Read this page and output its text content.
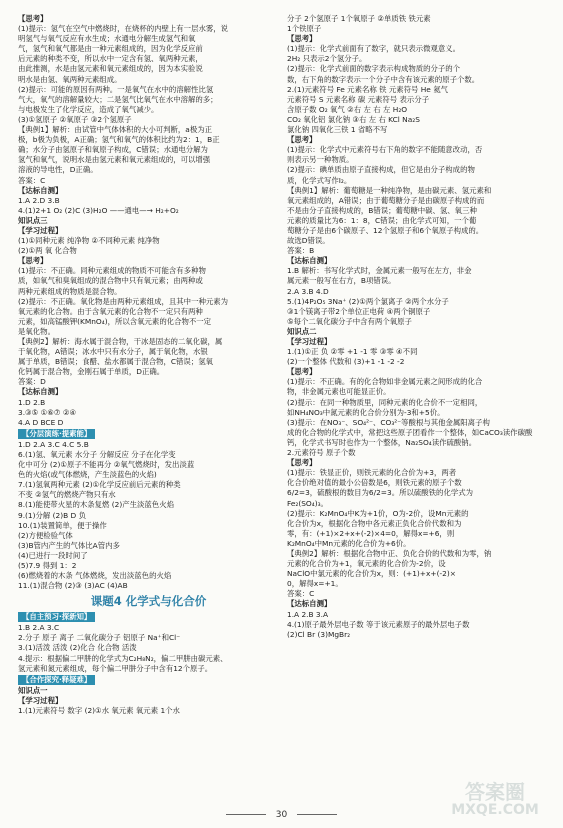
【思考】
(1)提示：氢气在空气中燃烧时，在烧杯的内壁上有一层水雾，说
明氢气与氧气反应有水生成；水通电分解生成氢气和氧
气，氢气和氧气都是由一种元素组成的，因为化学反应前
后元素的种类不变，所以水中一定含有氢、氧两种元素，
由此推测，水是由氢元素和氧元素组成的，因为本实验说
明水是由氢、氧两种元素组成。
(2)提示：可能的原因有两种。一是氧气在水中的溶解性比氢
气大，氧气的溶解量较大；二是氢气比氧气在水中溶解的多；
与电极发生了化学反应，造成了氧气减少。
(3)①氢原子 ②氧原子 ③2个氢原子
【典例1】解析：由试管中气体体积的大小可判断，a极为正
极，b极为负极，A正确；氢气和氧气的体积比约为2：1，B正
确；水分子由氢原子和氧原子构成，C错误；水通电分解为
氢气和氧气，说明水是由氢元素和氧元素组成的，可以增强
溶液的导电性，D正确。
答案：C
【达标自测】
1.A 2.D 3.B
4.(1)2+1 O₂ (2)C (3)H₂O ——通电—→ H₂+O₂
知识点三
【学习过程】
(1)①同种元素 纯净物 ②不同种元素 纯净物
(2)①两 氧 化合物
【思考】
(1)提示：不正确。同种元素组成的物质不可能含有多种物
质，如氧气和臭氧组成的混合物中只有氧元素；由两种或
两种元素组成的物质是混合物。
(2)提示：不正确。氧化物是由两种元素组成，且其中一种元素为
氧元素的化合物。由于含氧元素的化合物不一定只有两种
元素，如高锰酸钾(KMnO₄)，所以含氧元素的化合物不一定
是氧化物。
【典例2】解析：海水属于混合物，干冰是固态的二氧化碳，属
于氧化物，A错误；冰水中只有水分子，属于氧化物，水银
属于单质，B错误；食醋、盐水都属于混合物，C错误；氢氧
化钙属于混合物，金刚石属于单质，D正确。
答案：D
【达标自测】
1.D 2.B
3.③⑤ ①⑥⑦ ②④
4.A D BCE D
【分层演练·提素能】
1.D 2.A 3.C 4.C 5.B
6.(1)氢、氧元素 水分子 分解反应 分子在化学变
化中可分 (2)①原子不能再分 ②氧气燃烧时，发出淡蓝
色的火焰(或气体燃烧，产生淡蓝色的火焰)
7.(1)氢氧两种元素 (2)①化学反应前后元素的种类
不变 ②氢气的燃烧产物只有水
8.(1)能使带火星的木条复燃 (2)产生淡蓝色火焰
9.(1)分解 (2)B D 负
10.(1)装置简单，便于操作
(2)方便检验气体
(3)B管内产生的气体比A管内多
(4)已进行一段时间了
(5)7.9 得到 1：2
(6)燃烧着的木条 气体燃烧，发出淡蓝色的火焰
11.(1)混合物 (2)③ (3)AC (4)AB
课题4 化学式与化合价
【自主预习·探新知】
1.B 2.A 3.C
2.分子 原子 离子 二氧化碳分子 铝原子 Na⁺和Cl⁻
3.(1)活泼 活泼 (2)化合 化合物 活泼
4.提示：根据偏二甲肼的化学式为C₂H₈N₂，偏二甲肼由碳元素、
氢元素和氮元素组成，每个偏二甲肼分子中含有12个原子。
【合作探究·释疑难】
知识点一
【学习过程】
1.(1)元素符号 数字 (2)①水 氧元素 氧元素 1个水
分子 2个氢原子 1个氧原子 ②单质铁 铁元素
1个铁原子
【思考】
(1)提示：化学式前面有了数字，就只表示微观意义。
2H₂ 只表示2个氢分子。
(2)提示：化学式前面的数字表示构成物质的分子的个
数，右下角的数字表示一个分子中含有该元素的原子个数。
2.(1)元素符号 Fe 元素名称 铁 元素符号 He 氦气
元素符号 S 元素名称 碳 元素符号 表示分子
含原子数 O₂ 氧气 ②右 左 右 左 H₂O
CO₂ 氧化铝 氯化钠 ③右 左 右 KCl Na₂S
氯化钠 四氧化三铁 1 省略不写
【思考】
(1)提示：化学式中元素符号右下角的数字不能随意改动，否
则表示另一种物质。
(2)提示：碘单质由原子直接构成，但它是由分子构成的物
质，化学式写作I₂。
【典例1】解析：葡萄糖是一种纯净物，是由碳元素、氢元素和
氧元素组成的，A错误；由于葡萄糖分子是由碳原子构成的而
不是由分子直接构成的，B错误；葡萄糖中碳、氢、氧三种
元素的质量比为6：1：8，C错误；由化学式可知，一个葡
萄糖分子是由6个碳原子、12个氢原子和6个氧原子构成的。
故选D错误。
答案：B
【达标自测】
1.B 解析：书写化学式时，金属元素一般写在左方，非金
属元素一般写在右方，B项错误。
2.A 3.B 4.D
5.(1)4P₂O₅ 3Na⁺ (2)①两个氯离子 ②两个水分子
③1个镁离子带2个单位正电荷 ④两个铜原子
⑤每个二氧化碳分子中含有两个氧原子
知识点二
【学习过程】
1.(1)①正 负 ②零 +1 -1 零 ③零 ④不同
(2)一个整体 代数和 (3)+1 -1 -2 -2
【思考】
(1)提示：不正确。有的化合物如非金属元素之间形成的化合
物，非金属元素也可能显正价。
(2)提示：在同一种物质里，同种元素的化合价不一定相同，
如NH₄NO₃中氮元素的化合价分别为-3和+5价。
(3)提示：在NO₃⁻、SO₄²⁻、CO₃²⁻等酸根与其他金属阳离子构
成的化合物的化学式中，常把这些原子团看作一个整体，如CaCO₃读作碳酸
钙，化学式书写时也作为一个整体，Na₂SO₄读作硫酸钠。
2.元素符号 原子个数
【思考】
(1)提示：铁显正价，则铁元素的化合价为+3，两者
化合价绝对值的最小公倍数是6，则铁元素的原子个数
6/2=3，硫酸根的数目为6/2=3。所以硫酸铁的化学式为
Fe₂(SO₄)₃。
(2)提示：K₂MnO₄中K为+1价，O为-2价，设Mn元素的
化合价为x，根据化合物中各元素正负化合价代数和为
零，有：(+1)×2+x+(-2)×4=0，解得x=+6，则
K₂MnO₄中Mn元素的化合价为+6价。
【典例2】解析：根据化合物中正、负化合价的代数和为零，钠
元素的化合价为+1，氧元素的化合价为-2价，设
NaClO中氯元素的化合价为x，则：(+1)+x+(-2)×
0，解得x=+1。
答案：C
【达标自测】
1.A 2.B 3.A
4.(1)原子最外层电子数 等于该元素原子的最外层电子数
(2)Cl Br (3)MgBr₂
30
答案圈
MXQE.COM
